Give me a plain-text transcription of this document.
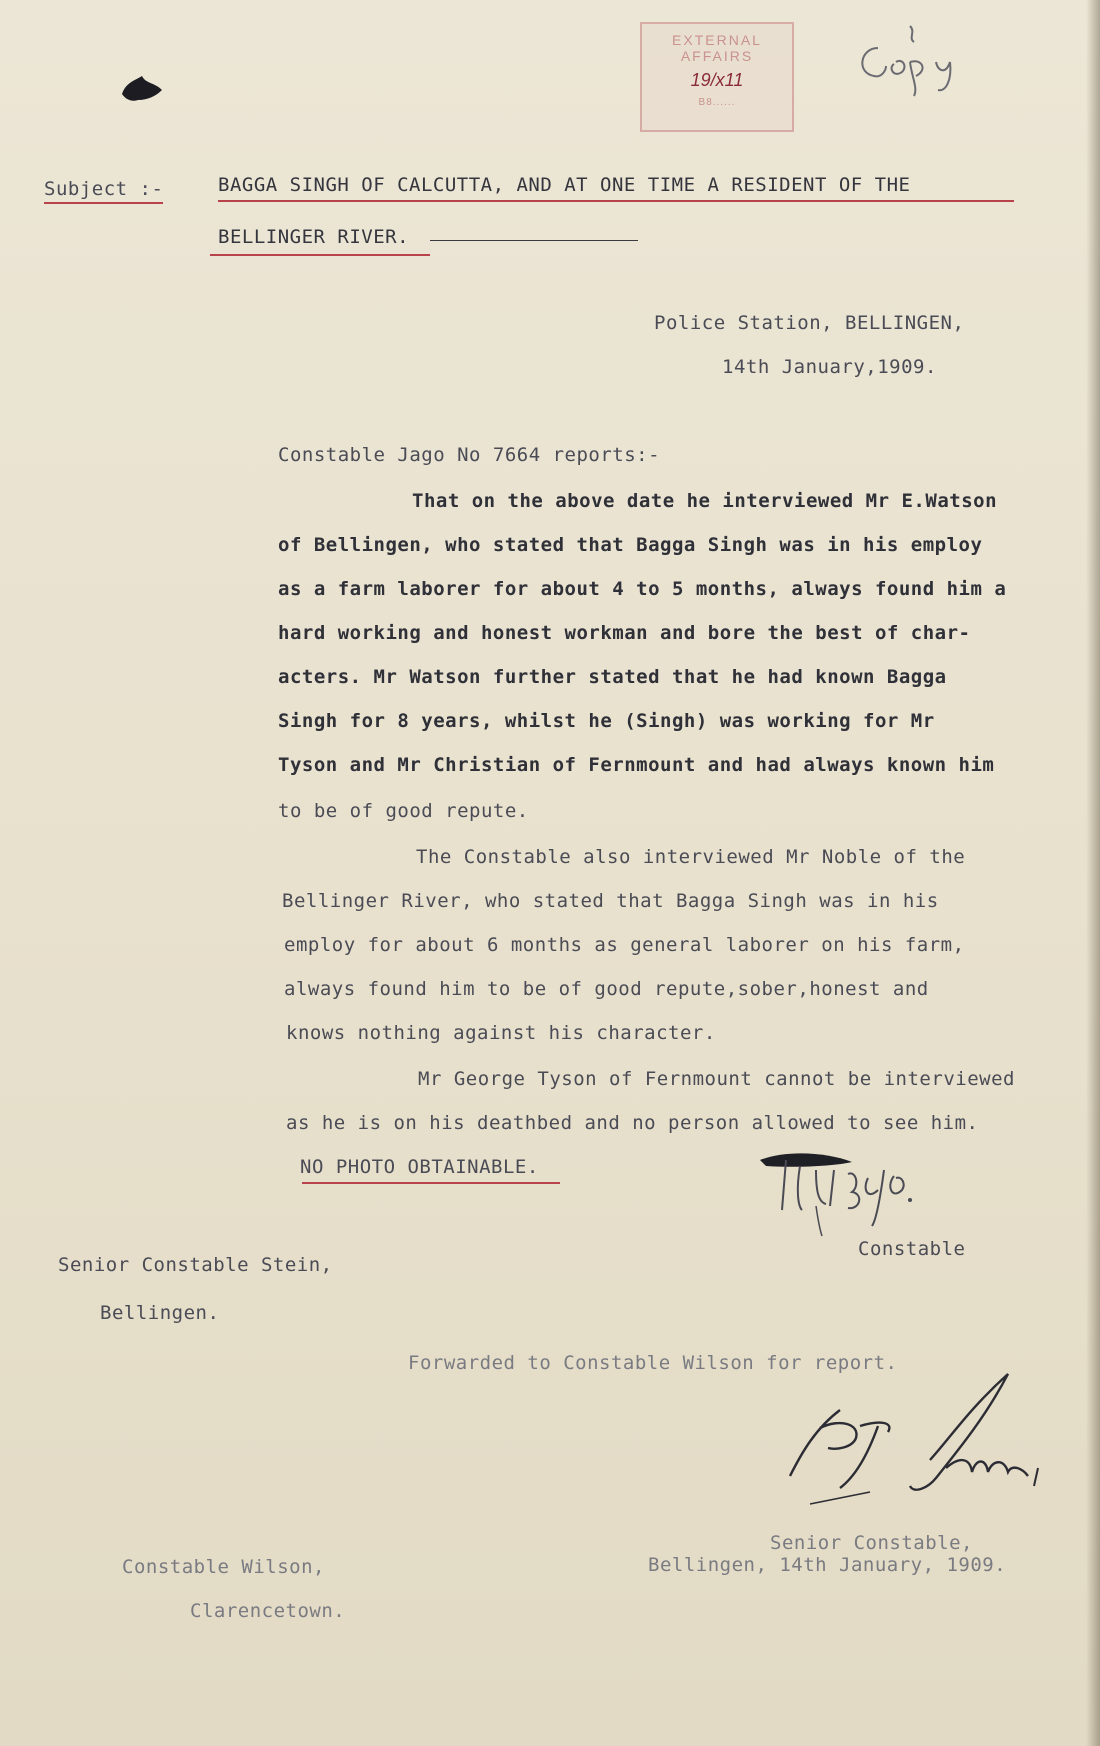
EXTERNAL
AFFAIRS
19/x11
B8......
Subject :-	BAGGA SINGH OF CALCUTTA, AND AT ONE TIME A RESIDENT OF THE
BELLINGER RIVER.
Police Station, BELLINGEN,
14th January,1909.
Constable Jago No 7664 reports:-
That on the above date he interviewed Mr E.Watson
of Bellingen, who stated that Bagga Singh was in his employ
as a farm laborer for about 4 to 5 months, always found him a
hard working and honest workman and bore the best of char-
acters. Mr Watson further stated that he had known Bagga
Singh for 8 years, whilst he (Singh) was working for Mr
Tyson and Mr Christian of Fernmount and had always known him
to be of good repute.
The Constable also interviewed Mr Noble of the
Bellinger River, who stated that Bagga Singh was in his
employ for about 6 months as general laborer on his farm,
always found him to be of good repute,sober,honest and
knows nothing against his character.
Mr George Tyson of Fernmount cannot be interviewed
as he is on his deathbed and no person allowed to see him.
NO PHOTO OBTAINABLE.
Constable
Senior Constable Stein,
Bellingen.
Forwarded to Constable Wilson for report.
Senior Constable,
Bellingen, 14th January, 1909.
Constable Wilson,
Clarencetown.
